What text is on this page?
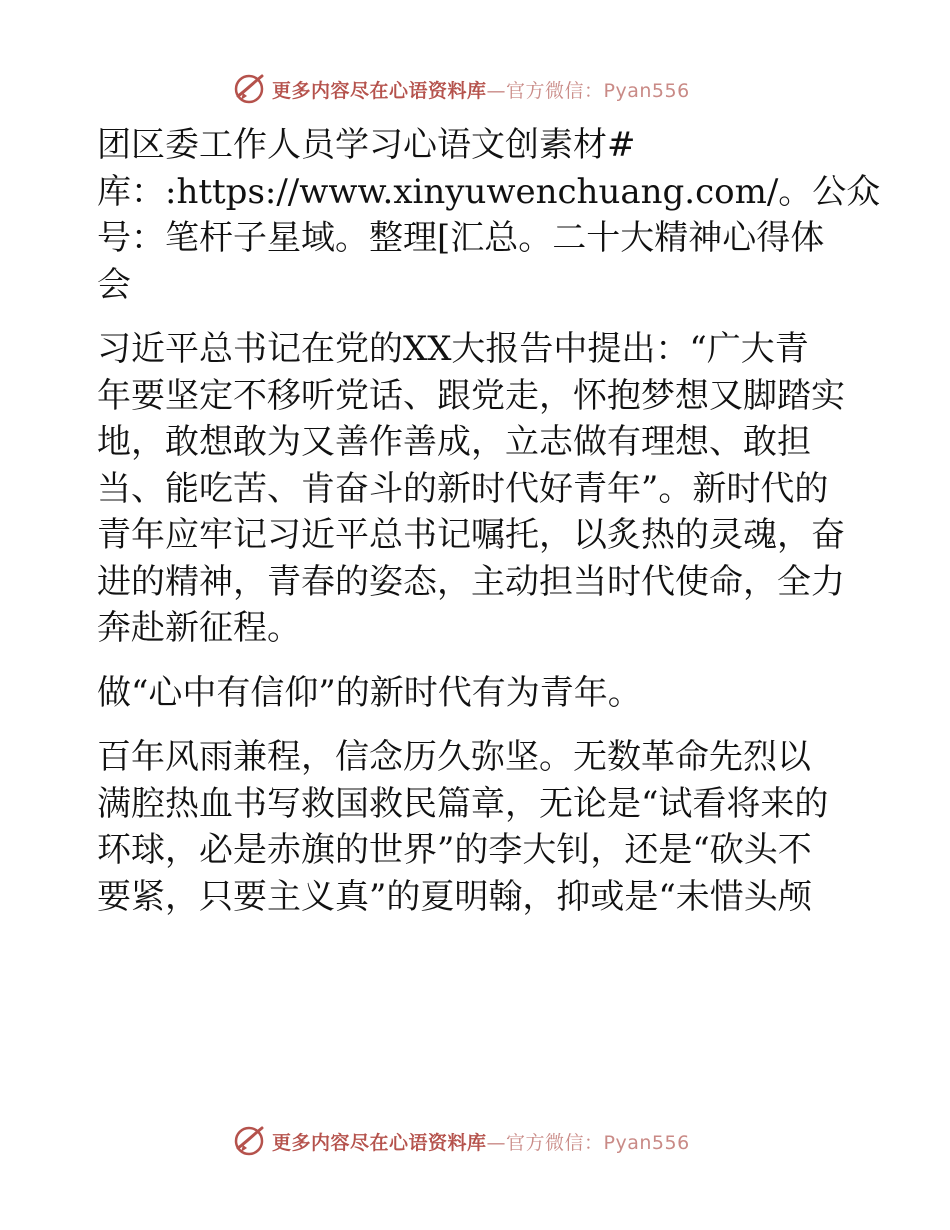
更多内容尽在心语资料库—官方微信：Pyan556
团区委工作人员学习心语文创素材#
库：:https://www.xinyuwenchuang.com/。公众
号：笔杆子星域。整理[汇总。二十大精神心得体
会
习近平总书记在党的XX大报告中提出：“广大青
年要坚定不移听党话、跟党走，怀抱梦想又脚踏实
地，敢想敢为又善作善成，立志做有理想、敢担
当、能吃苦、肯奋斗的新时代好青年”。新时代的
青年应牢记习近平总书记嘱托，以炙热的灵魂，奋
进的精神，青春的姿态，主动担当时代使命，全力
奔赴新征程。
做“心中有信仰”的新时代有为青年。
百年风雨兼程，信念历久弥坚。无数革命先烈以
满腔热血书写救国救民篇章，无论是“试看将来的
环球，必是赤旗的世界”的李大钊，还是“砍头不
要紧，只要主义真”的夏明翰，抑或是“未惜头颅
更多内容尽在心语资料库—官方微信：Pyan556
